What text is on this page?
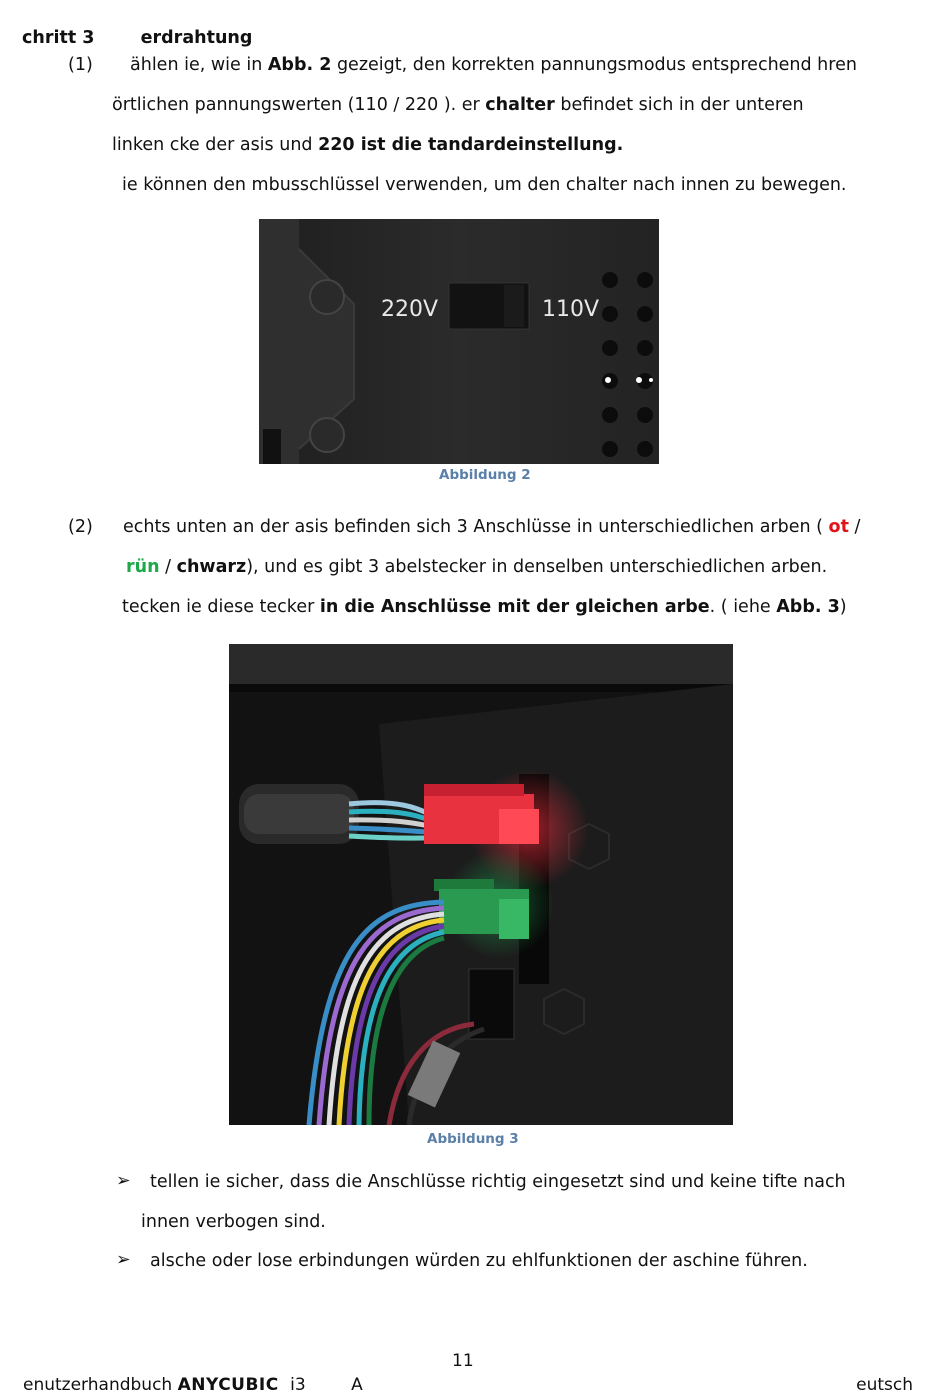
chritt 3	erdrahtung
(1) ählen ie, wie in Abb. 2 gezeigt, den korrekten pannungsmodus entsprechend hren
örtlichen pannungswerten (110 / 220 ). er chalter befindet sich in der unteren
linken cke der asis und 220 ist die tandardeinstellung.
ie können den mbusschlüssel verwenden, um den chalter nach innen zu bewegen.
220V	110V
Abbildung 2
(2) echts unten an der asis befinden sich 3 Anschlüsse in unterschiedlichen arben ( ot /
rün / chwarz), und es gibt 3 abelstecker in denselben unterschiedlichen arben.
tecken ie diese tecker in die Anschlüsse mit der gleichen arbe. ( iehe Abb. 3)
Abbildung 3
➢ tellen ie sicher, dass die Anschlüsse richtig eingesetzt sind und keine tifte nach
innen verbogen sind.
➢ alsche oder lose erbindungen würden zu ehlfunktionen der aschine führen.
11
enutzerhandbuch ANYCUBIC i3	A	eutsch
